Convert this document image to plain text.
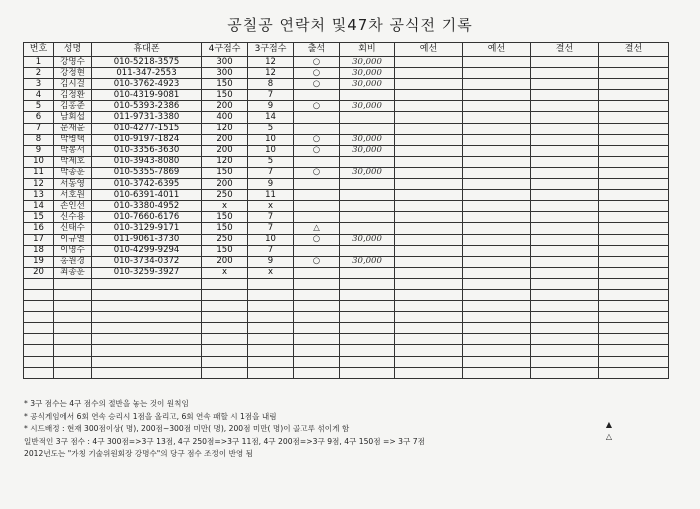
공칠공 연락처 및47차 공식전 기록
번호	성명	휴대폰	4구점수	3구점수	출석	회비	예선	예선	결선	결선
1	강명수	010-5218-3575	300	12	○	30,000				
2	강정현	011-347-2553	300	12	○	30,000				
3	김시걸	010-3762-4923	150	8	○	30,000				
4	김정환	010-4319-9081	150	7						
5	김홍준	010-5393-2386	200	9	○	30,000				
6	남회섭	011-9731-3380	400	14						
7	문재윤	010-4277-1515	120	5						
8	박병택	010-9197-1824	200	10	○	30,000				
9	박봉서	010-3356-3630	200	10	○	30,000				
10	박제호	010-3943-8080	120	5						
11	박종훈	010-5355-7869	150	7	○	30,000				
12	서동영	010-3742-6395	200	9						
13	서호원	010-6391-4011	250	11						
14	손인선	010-3380-4952	x	x						
15	신수용	010-7660-6176	150	7						
16	신태수	010-3129-9171	150	7	△					
17	이규열	011-9061-3730	250	10	○	30,000				
18	이명수	010-4299-9294	150	7						
19	홍원경	010-3734-0372	200	9	○	30,000				
20	최종훈	010-3259-3927	x	x						

* 3구 점수는 4구 점수의 절반을 놓는 것이 원칙임
* 공식게임에서 6회 연속 승리시 1점을 올리고, 6회 연속 패할 시 1점을 내림
* 시드배정 : 현재 300점이상( 명), 200점~300점 미만( 명), 200점 미만( 명)이 골고루 섞이게 함
일반적인 3구 점수 : 4구 300점=>3구 13점, 4구 250점=>3구 11점, 4구 200점=>3구 9점, 4구 150점 => 3구 7점
2012년도는 "가칭 기술위원회장 강명수"의 당구 점수 조정이 반영 됨
▲
△
